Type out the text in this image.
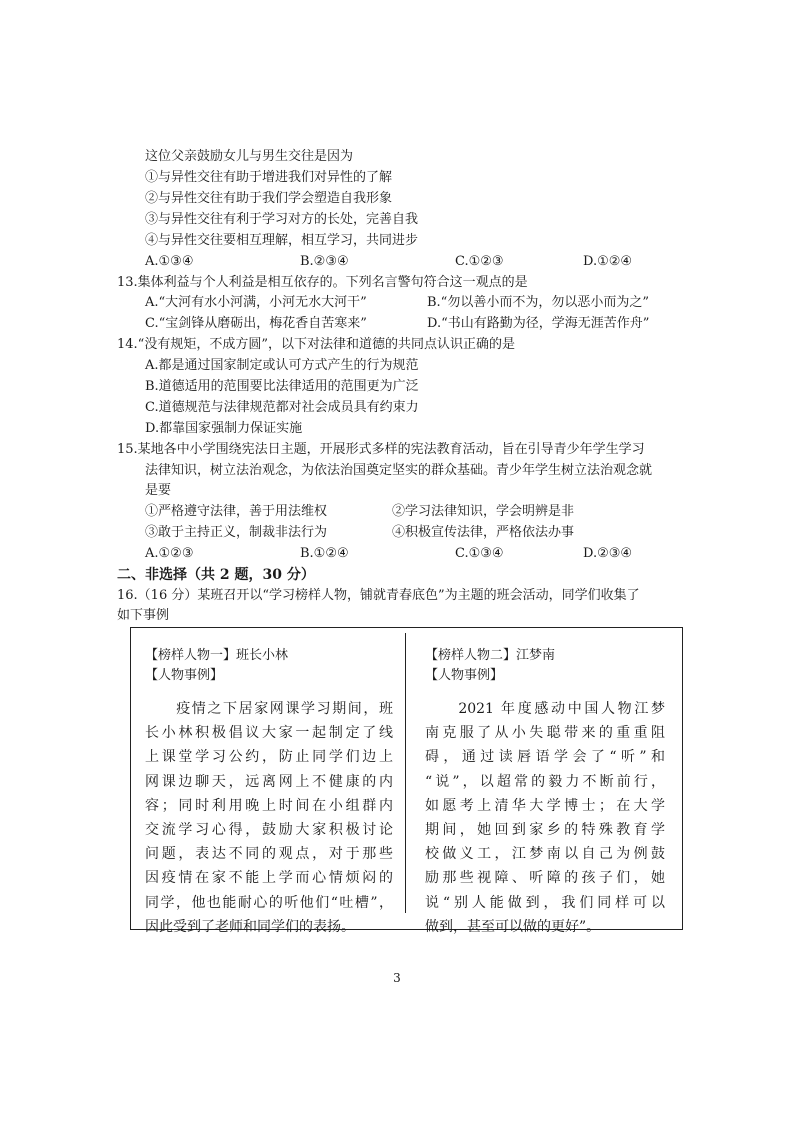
这位父亲鼓励女儿与男生交往是因为
①与异性交往有助于增进我们对异性的了解
②与异性交往有助于我们学会塑造自我形象
③与异性交往有利于学习对方的长处，完善自我
④与异性交往要相互理解，相互学习，共同进步
A.①③④	B.②③④	C.①②③	D.①②④
13.集体利益与个人利益是相互依存的。下列名言警句符合这一观点的是
A.“大河有水小河满，小河无水大河干”	B.“勿以善小而不为，勿以恶小而为之”
C.“宝剑锋从磨砺出，梅花香自苦寒来”	D.“书山有路勤为径，学海无涯苦作舟”
14.“没有规矩，不成方圆”，以下对法律和道德的共同点认识正确的是
A.都是通过国家制定或认可方式产生的行为规范
B.道德适用的范围要比法律适用的范围更为广泛
C.道德规范与法律规范都对社会成员具有约束力
D.都靠国家强制力保证实施
15.某地各中小学围绕宪法日主题，开展形式多样的宪法教育活动，旨在引导青少年学生学习
法律知识，树立法治观念，为依法治国奠定坚实的群众基础。青少年学生树立法治观念就
是要
①严格遵守法律，善于用法维权	②学习法律知识，学会明辨是非
③敢于主持正义，制裁非法行为	④积极宣传法律，严格依法办事
A.①②③	B.①②④	C.①③④	D.②③④
二、非选择（共 2 题，30 分）
16.（16 分）某班召开以“学习榜样人物，铺就青春底色”为主题的班会活动，同学们收集了
如下事例
【榜样人物一】班长小林
【人物事例】
　　疫情之下居家网课学习期间，班
长小林积极倡议大家一起制定了线
上课堂学习公约，防止同学们边上
网课边聊天，远离网上不健康的内
容；同时利用晚上时间在小组群内
交流学习心得，鼓励大家积极讨论
问题，表达不同的观点，对于那些
因疫情在家不能上学而心情烦闷的
同学，他也能耐心的听他们“吐槽”，
因此受到了老师和同学们的表扬。
【榜样人物二】江梦南
【人物事例】
　　2021 年度感动中国人物江梦
南克服了从小失聪带来的重重阻
碍，通过读唇语学会了“听”和
“说”，以超常的毅力不断前行，
如愿考上清华大学博士；在大学
期间，她回到家乡的特殊教育学
校做义工，江梦南以自己为例鼓
励那些视障、听障的孩子们，她
说“别人能做到，我们同样可以
做到，甚至可以做的更好”。
3
